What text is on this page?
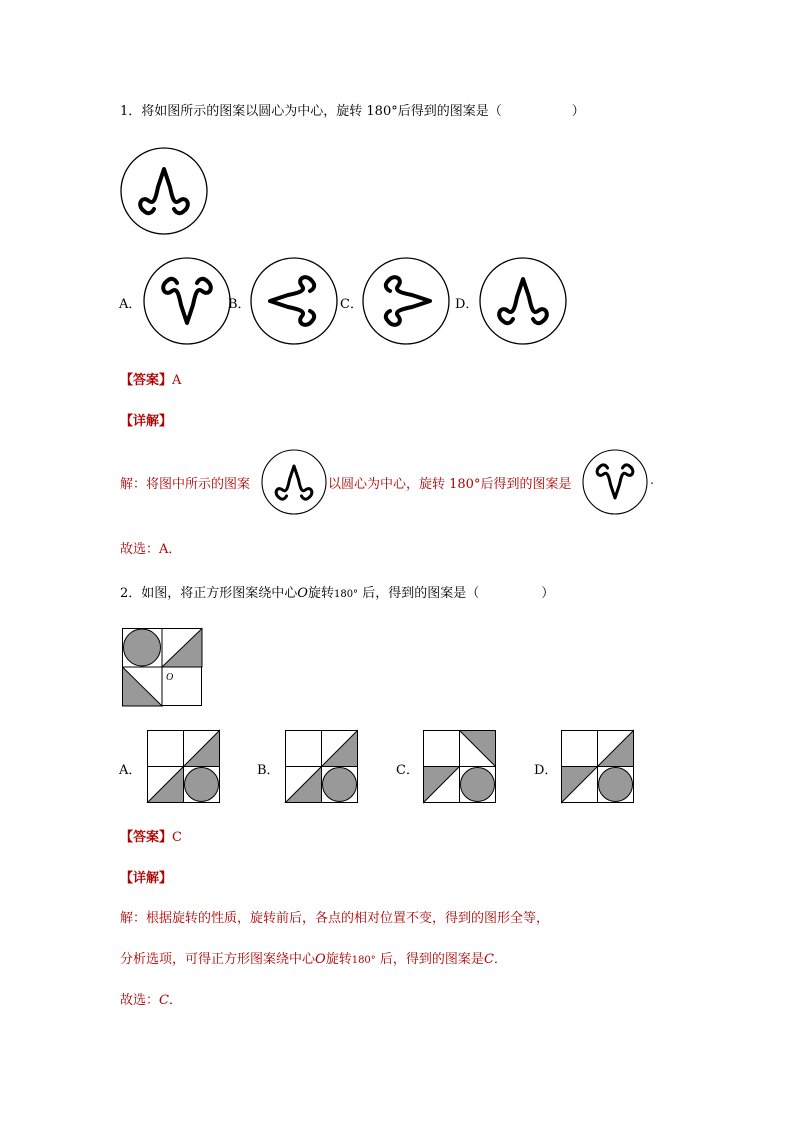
1．将如图所示的图案以圆心为中心，旋转 180°后得到的图案是（	）
A．	B．	C．	D．
【答案】A
【详解】
解：将图中所示的图案	以圆心为中心，旋转 180°后得到的图案是	.
故选：A．
2．如图，将正方形图案绕中心O旋转180° 后，得到的图案是（	）
O
A．	B．	C．	D．
【答案】C
【详解】
解：根据旋转的性质，旋转前后，各点的相对位置不变，得到的图形全等，
分析选项，可得正方形图案绕中心O旋转180° 后，得到的图案是C．
故选：C．
